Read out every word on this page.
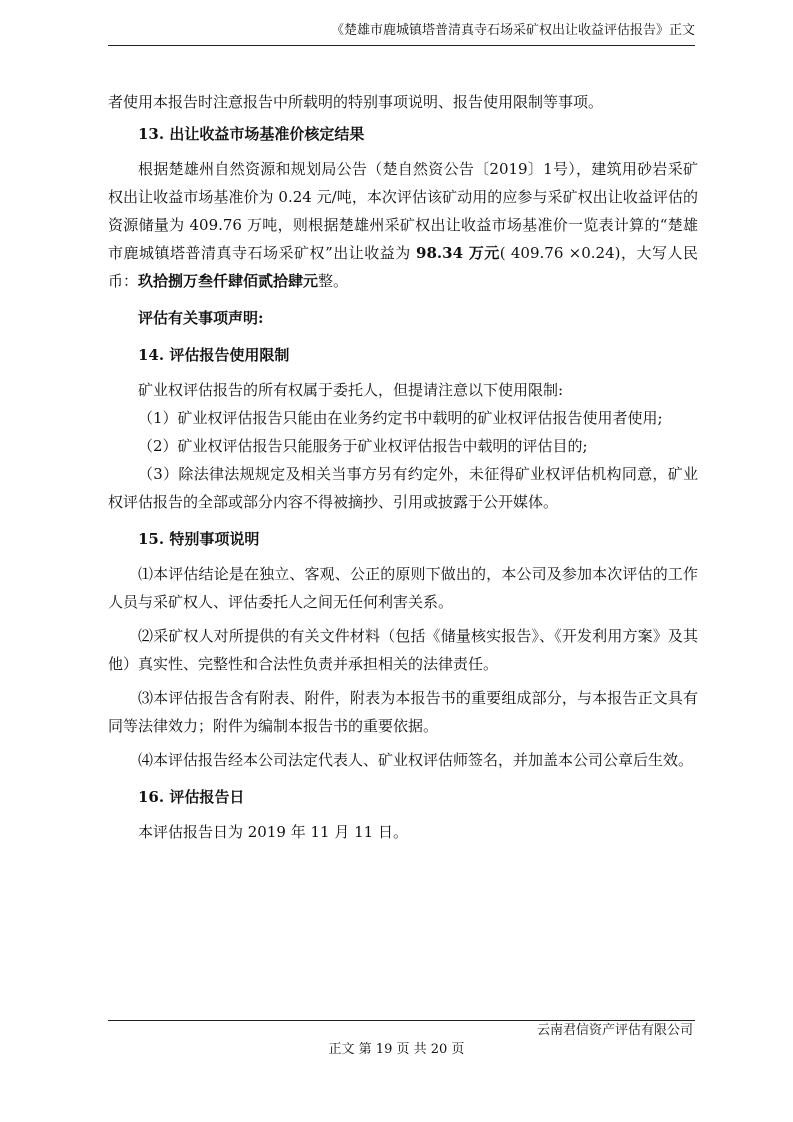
《楚雄市鹿城镇塔普清真寺石场采矿权出让收益评估报告》正文

者使用本报告时注意报告中所载明的特别事项说明、报告使用限制等事项。

13. 出让收益市场基准价核定结果

根据楚雄州自然资源和规划局公告（楚自然资公告〔2019〕1号），建筑用砂岩采矿权出让收益市场基准价为 0.24 元/吨，本次评估该矿动用的应参与采矿权出让收益评估的资源储量为 409.76 万吨，则根据楚雄州采矿权出让收益市场基准价一览表计算的“楚雄市鹿城镇塔普清真寺石场采矿权”出让收益为 98.34 万元( 409.76 ×0.24)，大写人民币：玖拾捌万叁仟肆佰贰拾肆元整。

评估有关事项声明:
14. 评估报告使用限制

矿业权评估报告的所有权属于委托人，但提请注意以下使用限制:

（1）矿业权评估报告只能由在业务约定书中载明的矿业权评估报告使用者使用;

（2）矿业权评估报告只能服务于矿业权评估报告中载明的评估目的;

（3）除法律法规规定及相关当事方另有约定外，未征得矿业权评估机构同意，矿业权评估报告的全部或部分内容不得被摘抄、引用或披露于公开媒体。

15. 特别事项说明

⑴本评估结论是在独立、客观、公正的原则下做出的，本公司及参加本次评估的工作人员与采矿权人、评估委托人之间无任何利害关系。

⑵采矿权人对所提供的有关文件材料（包括《储量核实报告》、《开发利用方案》及其他）真实性、完整性和合法性负责并承担相关的法律责任。

⑶本评估报告含有附表、附件，附表为本报告书的重要组成部分，与本报告正文具有同等法律效力；附件为编制本报告书的重要依据。

⑷本评估报告经本公司法定代表人、矿业权评估师签名，并加盖本公司公章后生效。

16. 评估报告日

本评估报告日为 2019 年 11 月 11 日。

云南君信资产评估有限公司
正文 第 19 页 共 20 页
